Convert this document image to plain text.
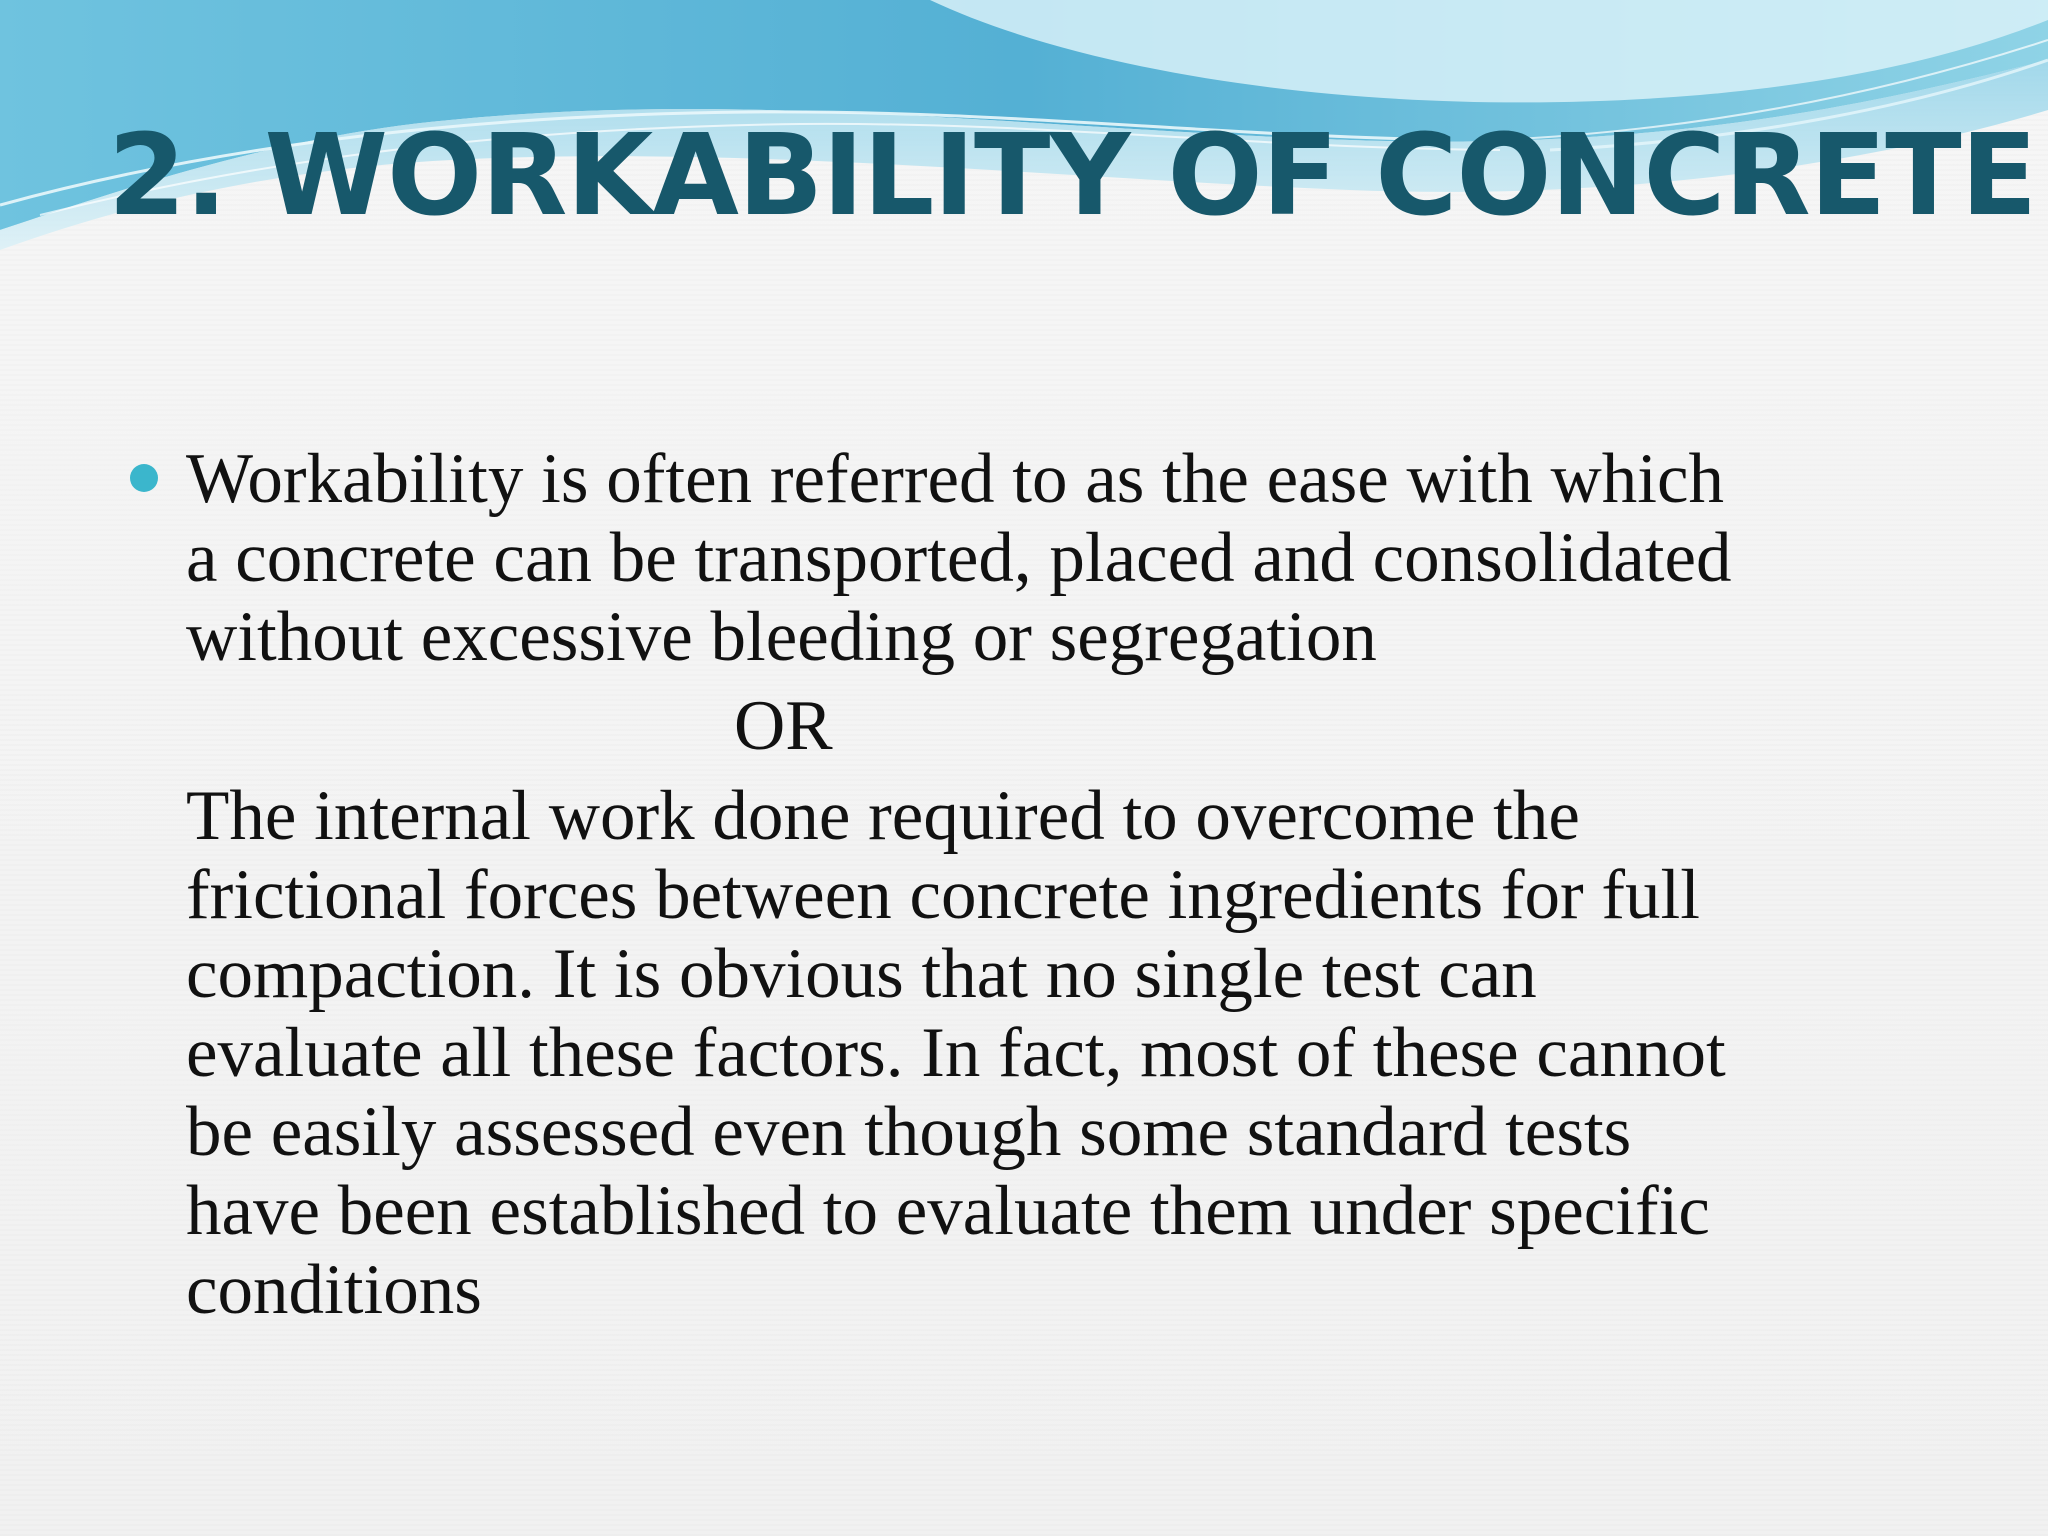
2. WORKABILITY OF CONCRETE

Workability is often referred to as the ease with which
a concrete can be transported, placed and consolidated
without excessive bleeding or segregation

OR

The internal work done required to overcome the
frictional forces between concrete ingredients for full
compaction. It is obvious that no single test can
evaluate all these factors. In fact, most of these cannot
be easily assessed even though some standard tests
have been established to evaluate them under specific
conditions
